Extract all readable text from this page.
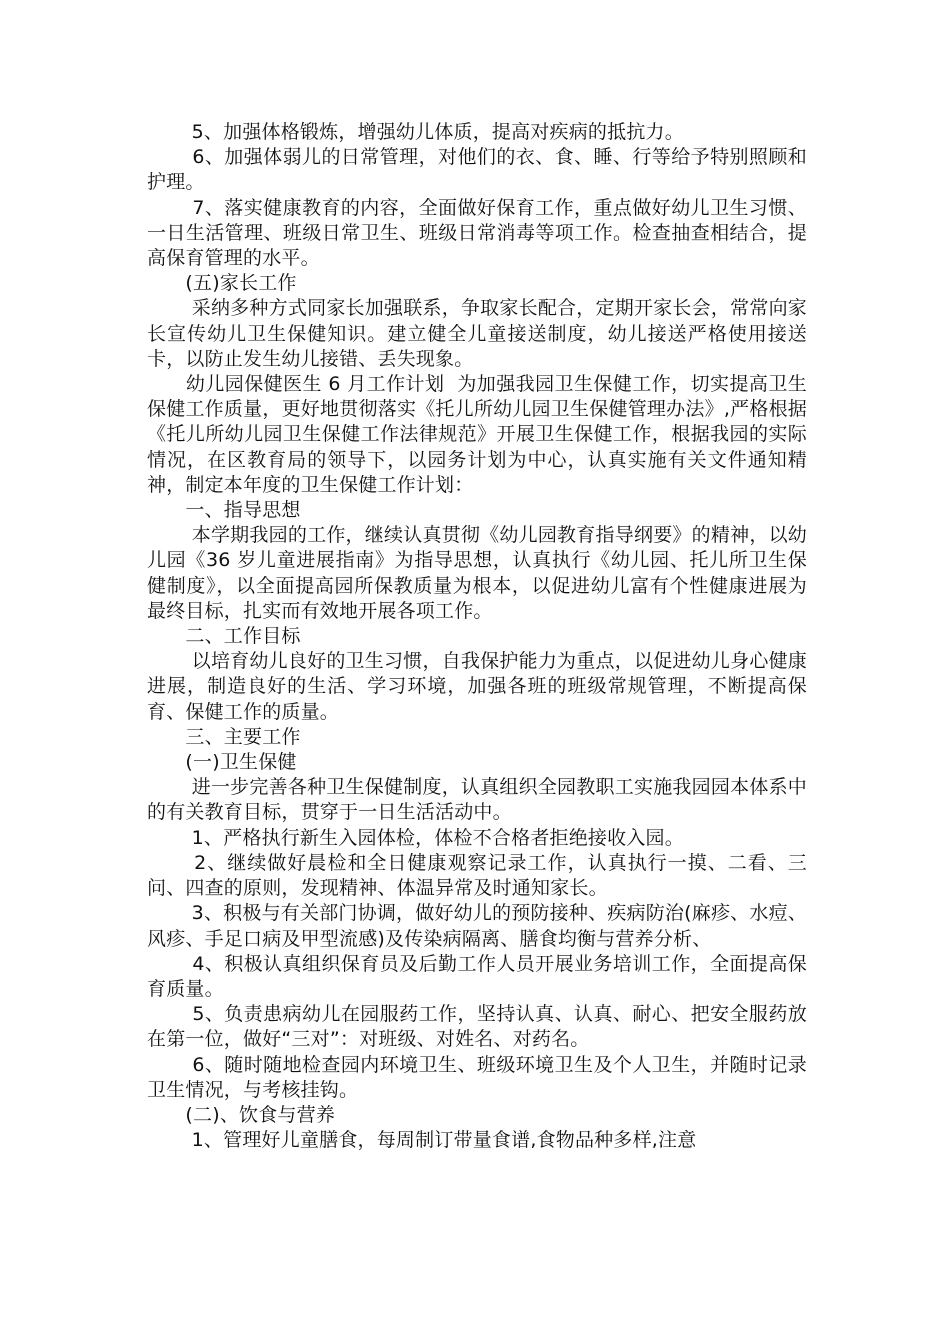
　　 5、加强体格锻炼，增强幼儿体质，提高对疾病的抵抗力。

　　 6、加强体弱儿的日常管理，对他们的衣、食、睡、行等给予特别照顾和护理。

　　 7、落实健康教育的内容，全面做好保育工作，重点做好幼儿卫生习惯、一日生活管理、班级日常卫生、班级日常消毒等项工作。检查抽查相结合，提高保育管理的水平。

　　(五)家长工作

　　 采纳多种方式同家长加强联系，争取家长配合，定期开家长会，常常向家长宣传幼儿卫生保健知识。建立健全儿童接送制度，幼儿接送严格使用接送卡，以防止发生幼儿接错、丢失现象。

　　幼儿园保健医生 6 月工作计划  为加强我园卫生保健工作，切实提高卫生保健工作质量，更好地贯彻落实《托儿所幼儿园卫生保健管理办法》,严格根据《托儿所幼儿园卫生保健工作法律规范》开展卫生保健工作，根据我园的实际情况，在区教育局的领导下，以园务计划为中心，认真实施有关文件通知精神，制定本年度的卫生保健工作计划：

　　一、指导思想

　　 本学期我园的工作，继续认真贯彻《幼儿园教育指导纲要》的精神，以幼儿园《36 岁儿童进展指南》为指导思想，认真执行《幼儿园、托儿所卫生保健制度》，以全面提高园所保教质量为根本，以促进幼儿富有个性健康进展为最终目标，扎实而有效地开展各项工作。

　　二、工作目标

　　 以培育幼儿良好的卫生习惯，自我保护能力为重点，以促进幼儿身心健康进展，制造良好的生活、学习环境，加强各班的班级常规管理，不断提高保育、保健工作的质量。

　　三、主要工作

　　(一)卫生保健

　　 进一步完善各种卫生保健制度，认真组织全园教职工实施我园园本体系中的有关教育目标，贯穿于一日生活活动中。

　　 1、严格执行新生入园体检，体检不合格者拒绝接收入园。

　　 2、继续做好晨检和全日健康观察记录工作，认真执行一摸、二看、三问、四查的原则，发现精神、体温异常及时通知家长。

　　 3、积极与有关部门协调，做好幼儿的预防接种、疾病防治(麻疹、水痘、风疹、手足口病及甲型流感)及传染病隔离、膳食均衡与营养分析、

　　 4、积极认真组织保育员及后勤工作人员开展业务培训工作，全面提高保育质量。

　　 5、负责患病幼儿在园服药工作，坚持认真、认真、耐心、把安全服药放在第一位，做好“三对”：对班级、对姓名、对药名。

　　 6、随时随地检查园内环境卫生、班级环境卫生及个人卫生，并随时记录卫生情况，与考核挂钩。

　　(二)、饮食与营养

　　 1、管理好儿童膳食，每周制订带量食谱,食物品种多样,注意
